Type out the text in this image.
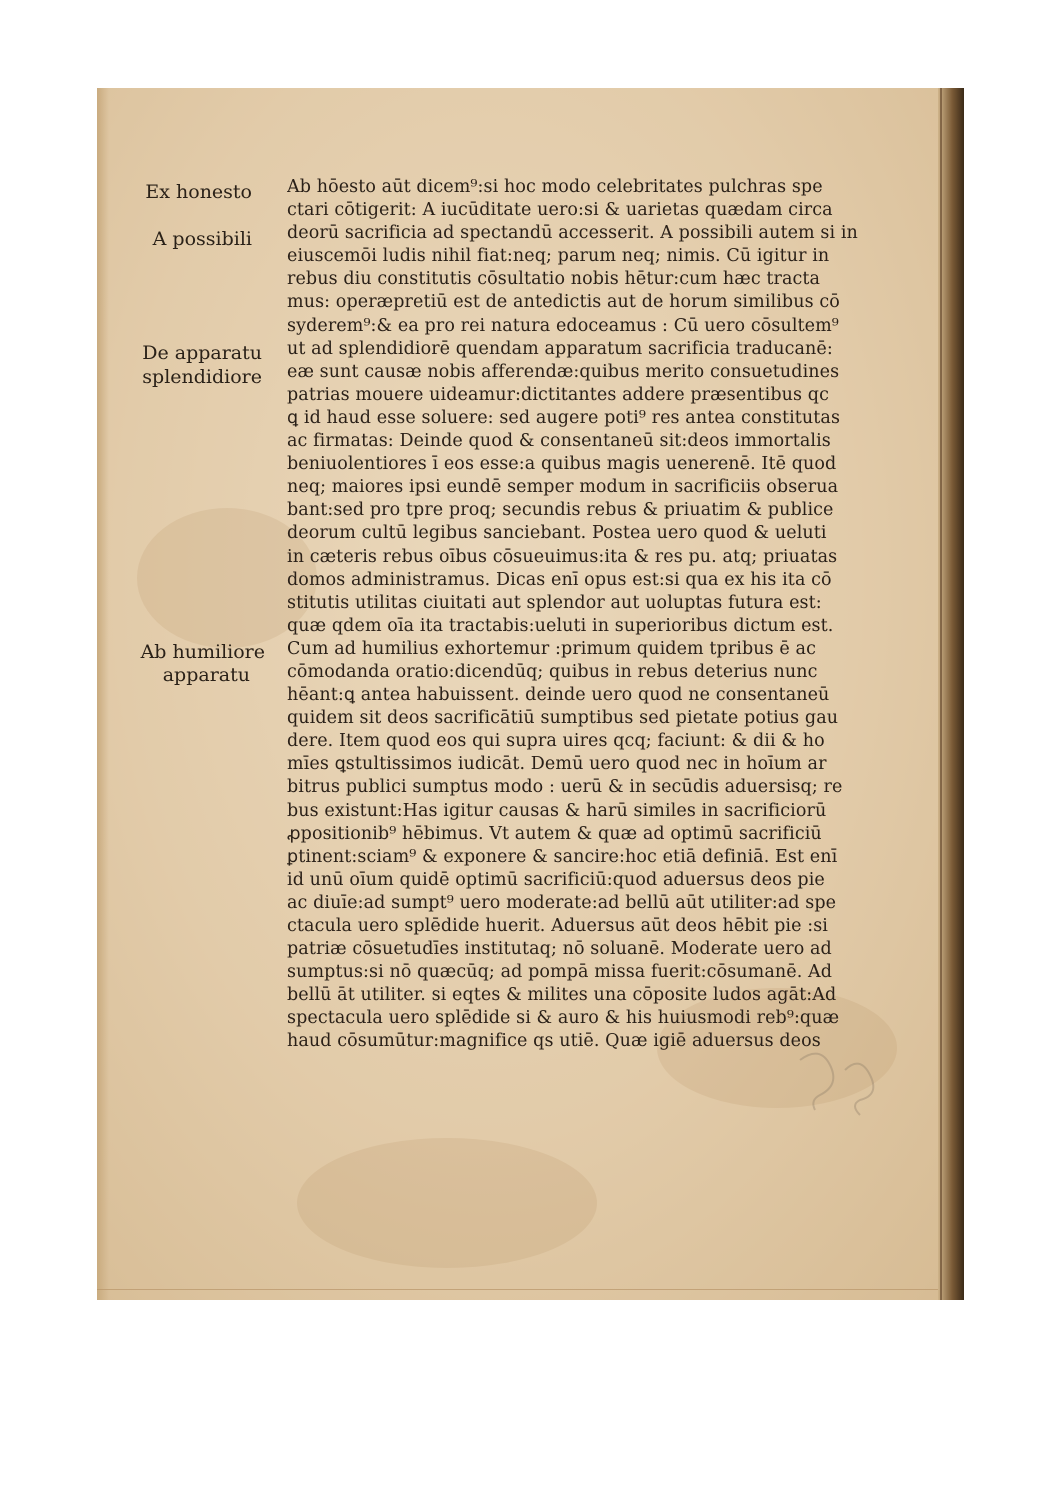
Ex honesto
A possibili
De apparatu
splendidiore
Ab humiliore
apparatu
Ab hōesto aūt dicem⁹:si hoc modo celebritates pulchras spe
ctari cōtigerit: A iucūditate uero:si & uarietas quædam circa
deorū sacrificia ad spectandū accesserit. A possibili autem si in
eiuscemōi ludis nihil fiat:neq; parum neq; nimis. Cū igitur in
rebus diu constitutis cōsultatio nobis hētur:cum hæc tracta
mus: operæpretiū est de antedictis aut de horum similibus cō
syderem⁹:& ea pro rei natura edoceamus : Cū uero cōsultem⁹
ut ad splendidiorē quendam apparatum sacrificia traducanē:
eæ sunt causæ nobis afferendæ:quibus merito consuetudines
patrias mouere uideamur:dictitantes addere præsentibus qc
ꝗ id haud esse soluere: sed augere poti⁹ res antea constitutas
ac firmatas: Deinde quod & consentaneū sit:deos immortalis
beniuolentiores ī eos esse:a quibus magis uenerenē. Itē quod
neq; maiores ipsi eundē semper modum in sacrificiis obserua
bant:sed pro tpre proq; secundis rebus & priuatim & publice
deorum cultū legibus sanciebant. Postea uero quod & ueluti
in cæteris rebus oībus cōsueuimus:ita & res pu. atq; priuatas
domos administramus. Dicas enī opus est:si qua ex his ita cō
stitutis utilitas ciuitati aut splendor aut uoluptas futura est:
quæ qdem oīa ita tractabis:ueluti in superioribus dictum est.
Cum ad humilius exhortemur :primum quidem tpribus ē ac
cōmodanda oratio:dicendūq; quibus in rebus deterius nunc
hēant:ꝗ antea habuissent. deinde uero quod ne consentaneū
quidem sit deos sacrificātiū sumptibus sed pietate potius gau
dere. Item quod eos qui supra uires qcq; faciunt: & dii & ho
mīes ꝗstultissimos iudicāt. Demū uero quod nec in hoīum ar
bitrus publici sumptus modo : uerū & in secūdis aduersisq; re
bus existunt:Has igitur causas & harū similes in sacrificiorū
ꝓpositionib⁹ hēbimus. Vt autem & quæ ad optimū sacrificiū
ꝑtinent:sciam⁹ & exponere & sancire:hoc etiā definiā. Est enī
id unū oīum quidē optimū sacrificiū:quod aduersus deos pie
ac diuīe:ad sumpt⁹ uero moderate:ad bellū aūt utiliter:ad spe
ctacula uero splēdide huerit. Aduersus aūt deos hēbit pie :si
patriæ cōsuetudīes institutaq; nō soluanē. Moderate uero ad
sumptus:si nō quæcūq; ad pompā missa fuerit:cōsumanē. Ad
bellū āt utiliter. si eqtes & milites una cōposite ludos agāt:Ad
spectacula uero splēdide si & auro & his huiusmodi reb⁹:quæ
haud cōsumūtur:magnifice qs utiē. Quæ igiē aduersus deos
